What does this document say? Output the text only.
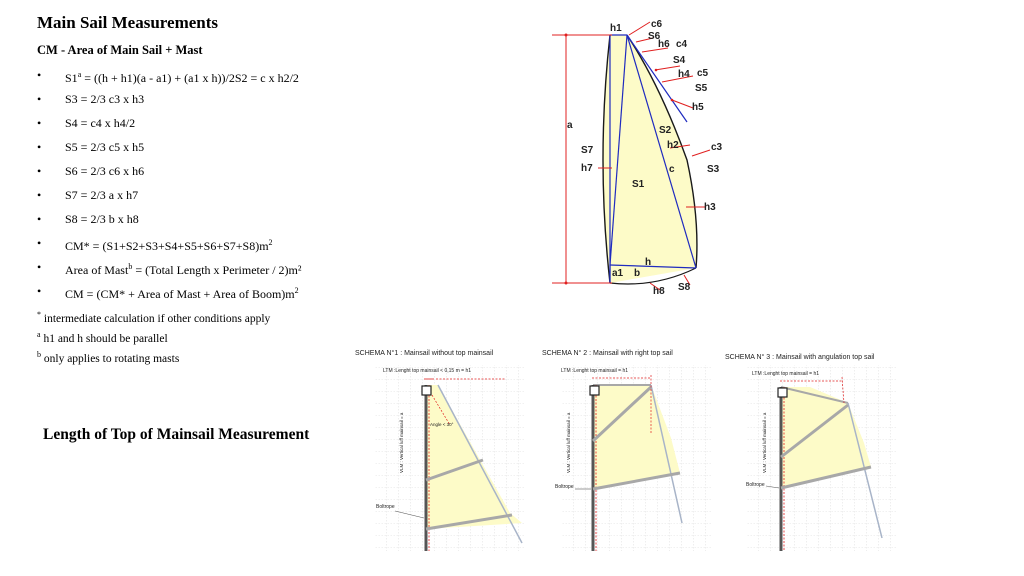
Main Sail Measurements
CM - Area of Main Sail + Mast
• $S1^a = ((h + h1)(a - a1) + (a1$ x h))/2S2 = c x h2/2
• S3 = 2/3 c3 x h3
• S4 = c4 x h4/2
• S5 = 2/3 c5 x h5
• S6 = 2/3 c6 x h6
• S7 = 2/3 a x h7
• S8 = 2/3 b x h8
• $CM* = (S1+S2+S3+S4+S5+S6+S7+S8)m^2$
• Area of Mast$^b$ = (Total Length x Perimeter / 2)m²
• CM = (CM* + Area of Mast + Area of $Boom)m^2$
* intermediate calculation if other conditions apply
$^a$ h1 and h should be parallel
$^b$ only applies to rotating masts
Length of Top of Mainsail Measurement
h1	c6
S6
h6 c4
S4
h4 c5
S5
h5
a	S2
h2	c3
S7
h7	c	S3
S1
h3
h
a1 b
h8 S8
SCHEMA N°1 : Mainsail without top mainsail
LTM :Lenght top mainsail < 0,15 m = h1
Angle < 30°
VLM : Vertical luff mainsail = a
Boltrope
SCHEMA N° 2 : Mainsail with right top sail
LTM :Lenght top mainsail = h1
VLM : Vertical luff mainsail = a
Boltrope
SCHEMA N° 3 : Mainsail with angulation top sail
LTM :Lenght top mainsail = h1
VLM : Vertical luff mainsail = a
Boltrope
